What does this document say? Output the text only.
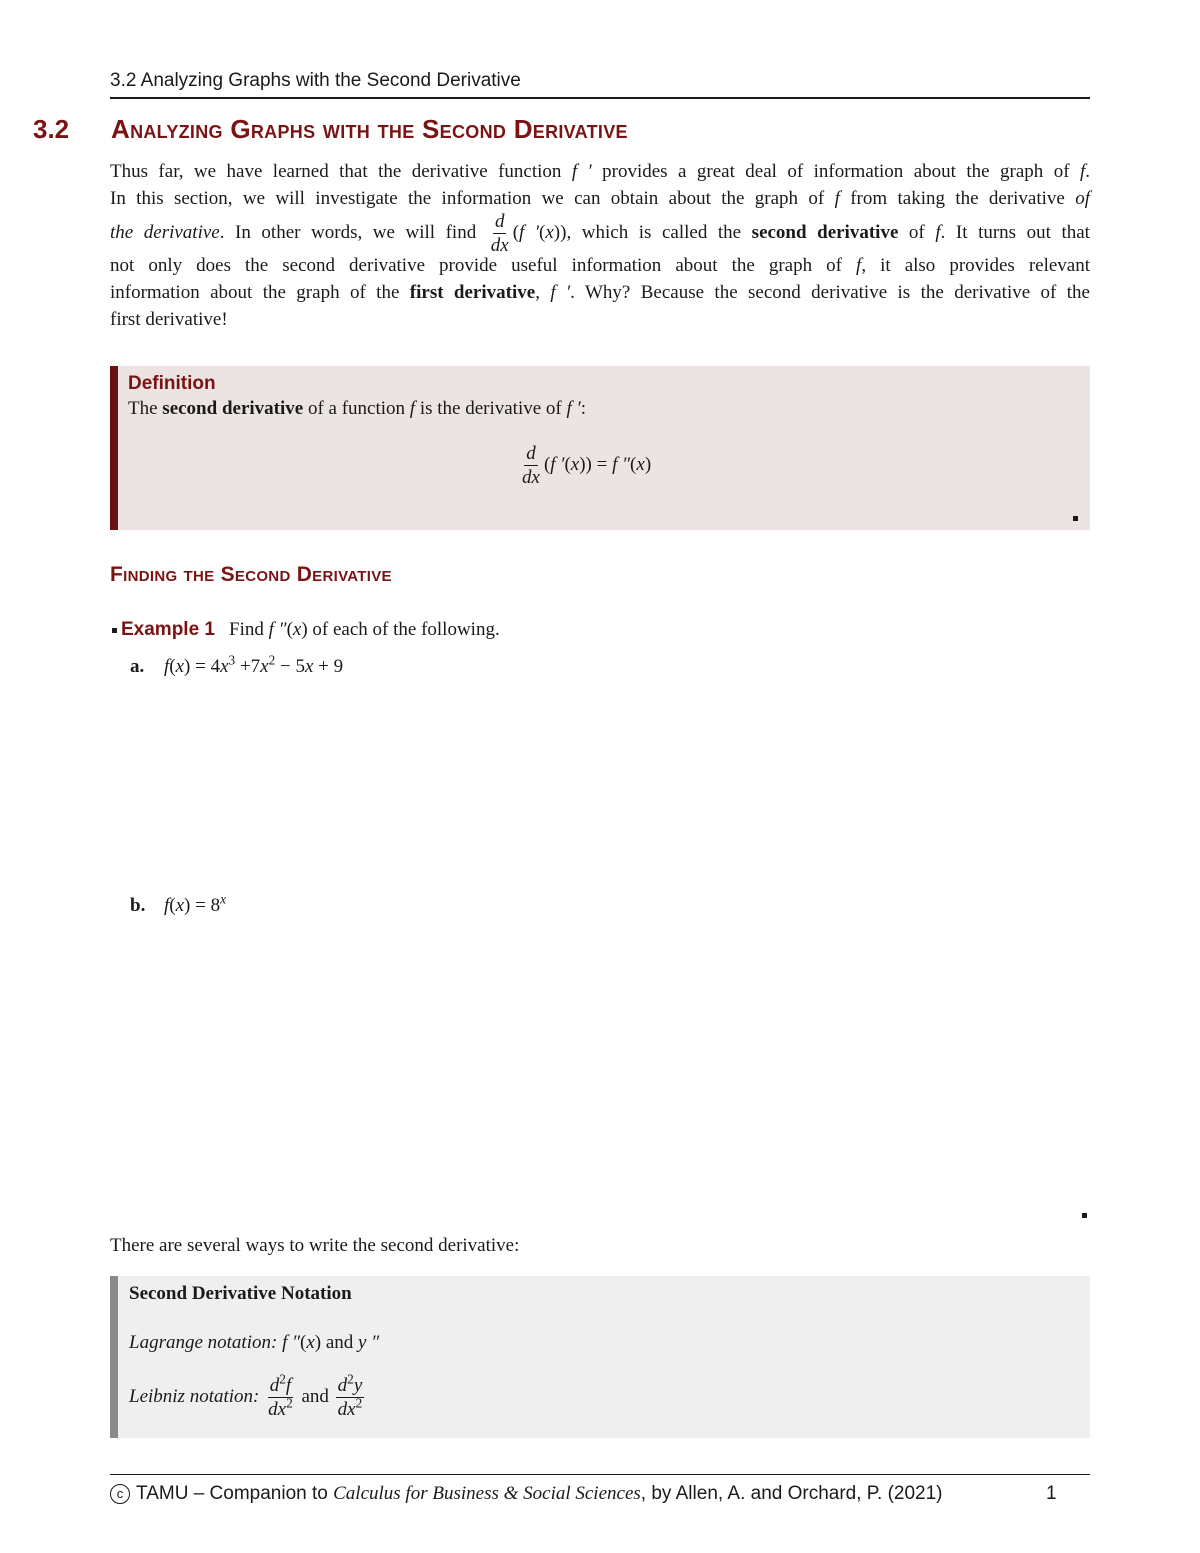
3.2 Analyzing Graphs with the Second Derivative
3.2 Analyzing Graphs with the Second Derivative
Thus far, we have learned that the derivative function f ′ provides a great deal of information about the graph of f.
In this section, we will investigate the information we can obtain about the graph of f from taking the derivative of
the derivative. In other words, we will find $\frac{d}{dx} (f$ ′(x)), which is called the second derivative of f. It turns out that
not only does the second derivative provide useful information about the graph of f, it also provides relevant
information about the graph of the first derivative, f ′. Why? Because the second derivative is the derivative of the
first derivative!
Definition
The second derivative of a function f is the derivative of f ′:
$\frac{d}{dx} (f$ ′(x)) = f ″(x)
Finding the Second Derivative
Example 1 Find f ″(x) of each of the following.
a. $f(x) = 4x^3 +7x^2 - 5x + 9$
b. $f(x) = 8^x$
There are several ways to write the second derivative:
Second Derivative Notation
Lagrange notation: f ″(x) and y ″
Leibniz notation: $\frac{d^2f}{dx^2}$ and $\frac{d^2y}{dx^2}$
c TAMU – Companion to Calculus for Business & Social Sciences, by Allen, A. and Orchard, P. (2021)	1
